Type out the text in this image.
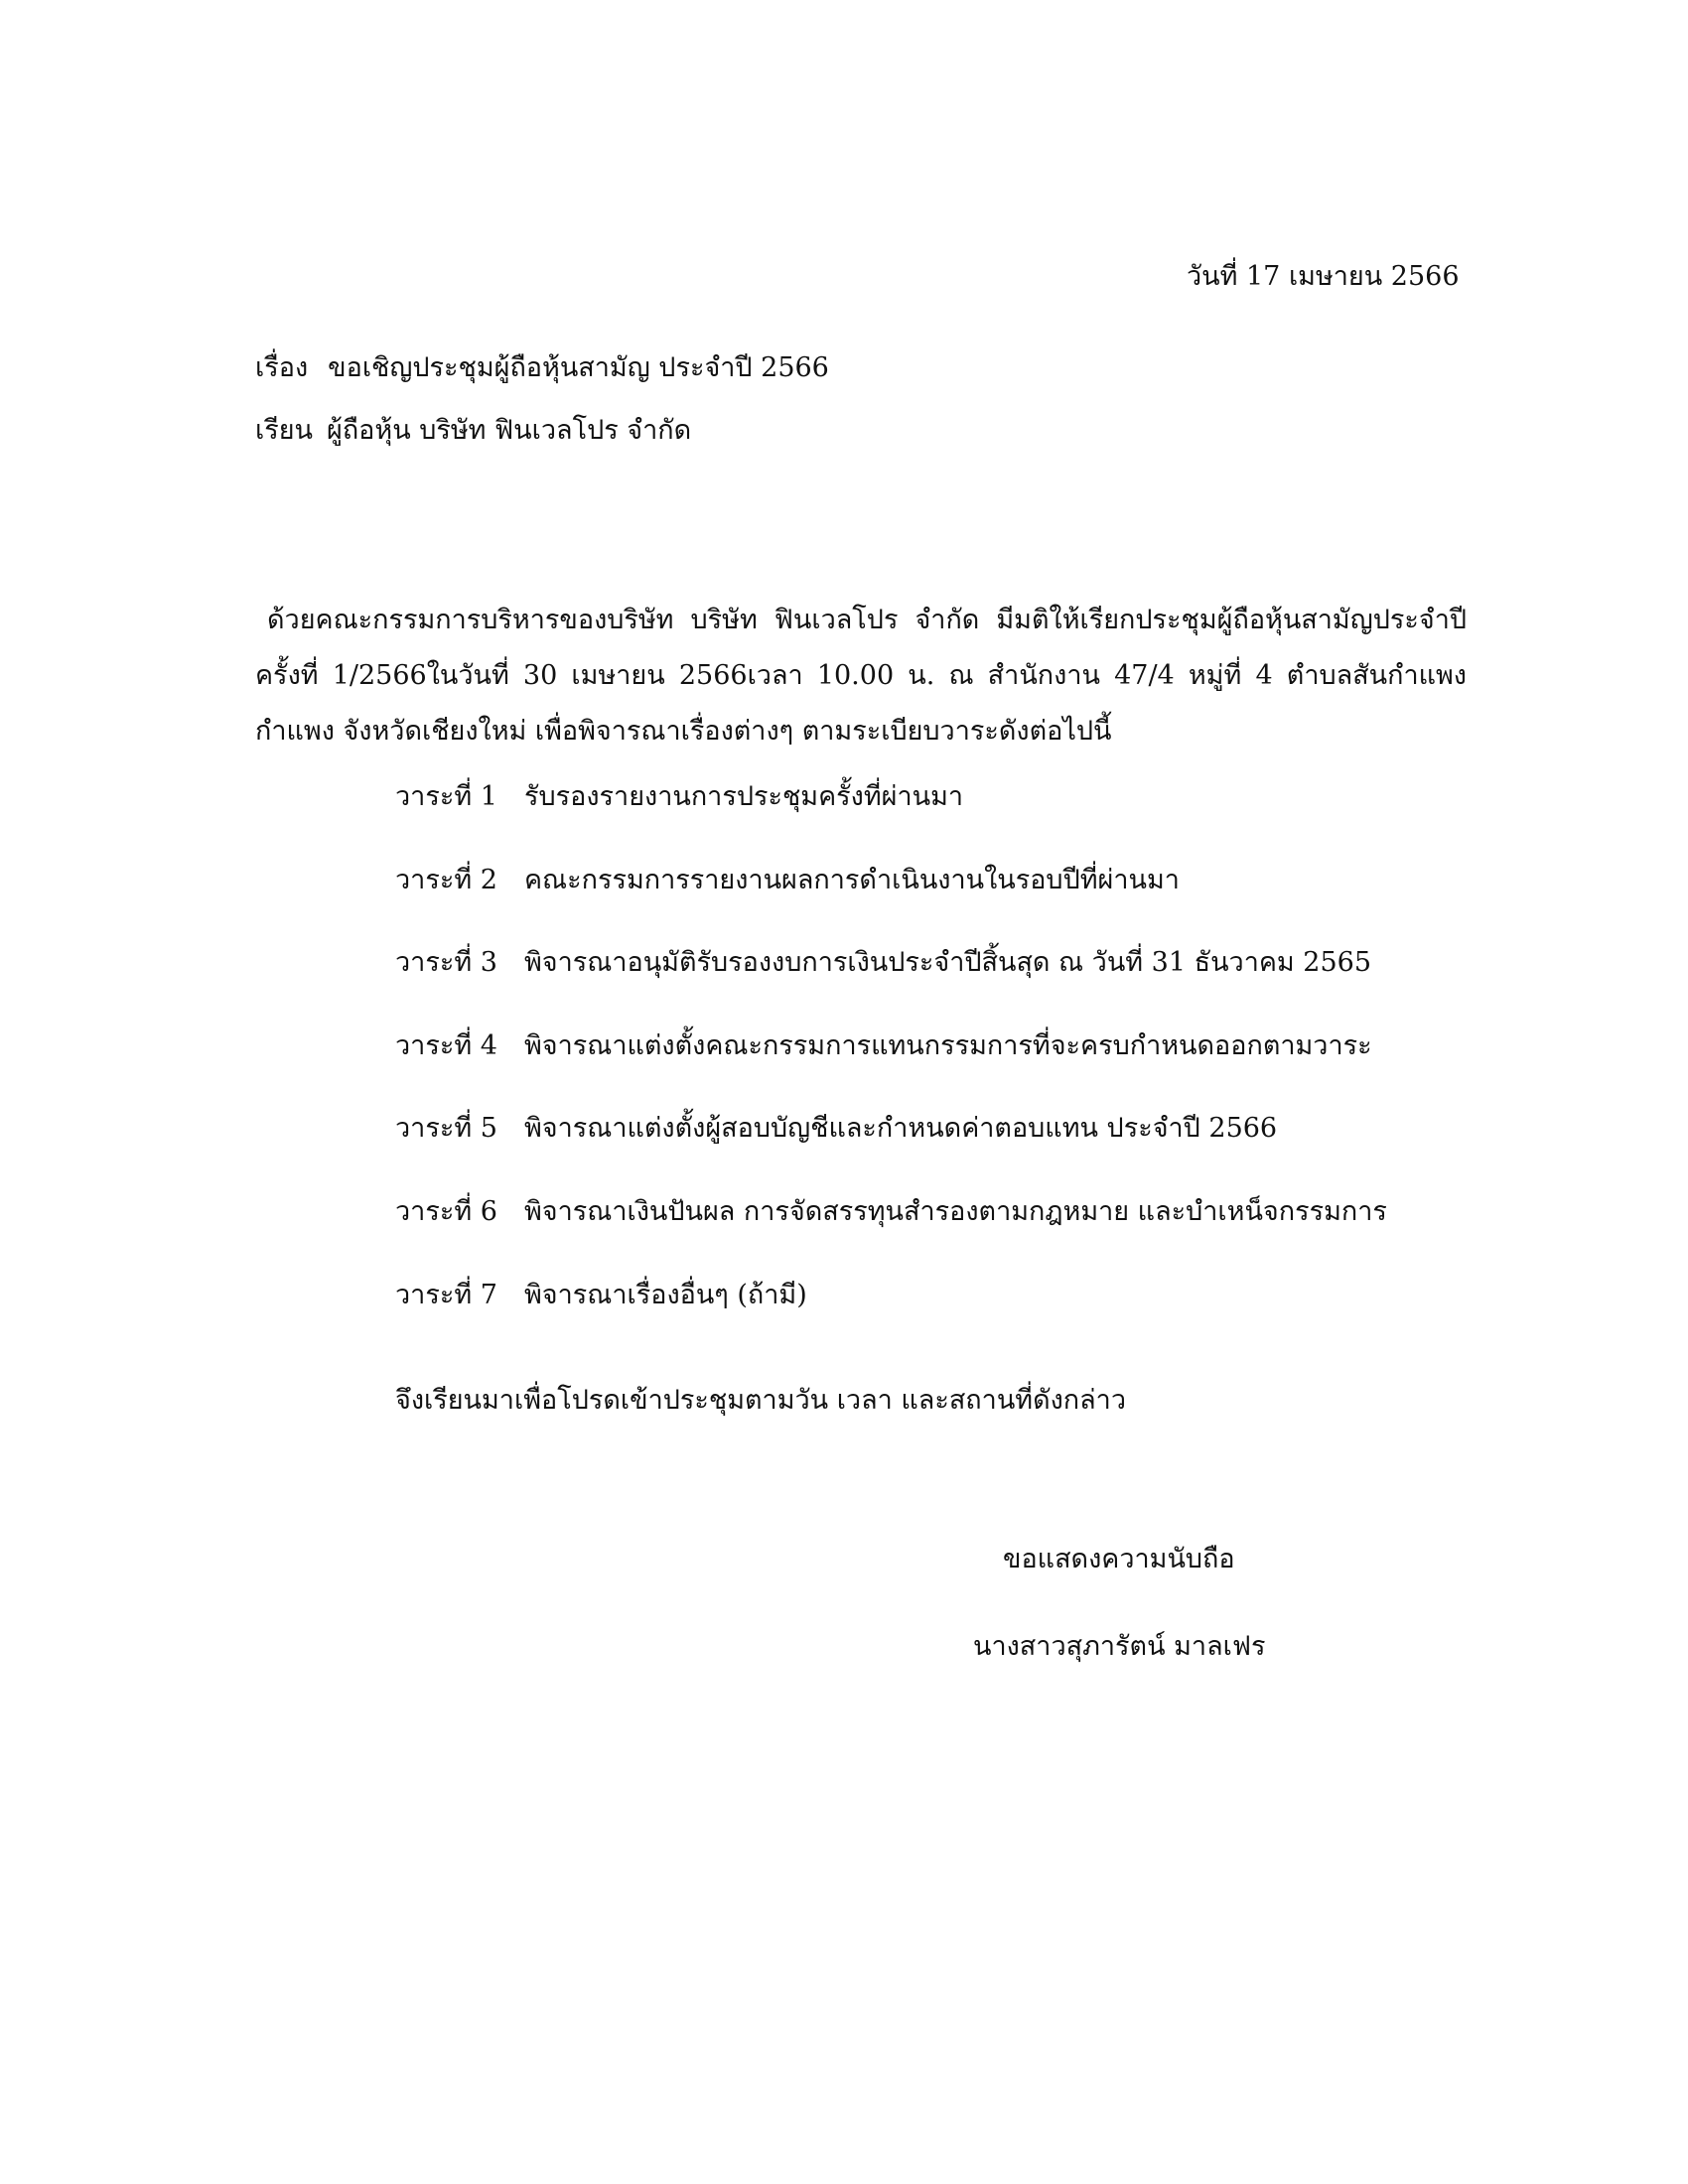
วันที่ 17 เมษายน 2566
เรื่อง ขอเชิญประชุมผู้ถือหุ้นสามัญ ประจำปี 2566
เรียน ผู้ถือหุ้น บริษัท ฟินเวลโปร จำกัด
ด้วยคณะกรรมการบริหารของบริษัท บริษัท ฟินเวลโปร จำกัด มีมติให้เรียกประชุมผู้ถือหุ้นสามัญประจำปี
ครั้งที่ 1/2566ในวันที่ 30 เมษายน 2566เวลา 10.00 น. ณ สำนักงาน 47/4 หมู่ที่ 4 ตำบลสันกำแพง
กำแพง จังหวัดเชียงใหม่ เพื่อพิจารณาเรื่องต่างๆ ตามระเบียบวาระดังต่อไปนี้
วาระที่ 1	รับรองรายงานการประชุมครั้งที่ผ่านมา
วาระที่ 2	คณะกรรมการรายงานผลการดำเนินงานในรอบปีที่ผ่านมา
วาระที่ 3	พิจารณาอนุมัติรับรองงบการเงินประจำปีสิ้นสุด ณ วันที่ 31 ธันวาคม 2565
วาระที่ 4	พิจารณาแต่งตั้งคณะกรรมการแทนกรรมการที่จะครบกำหนดออกตามวาระ
วาระที่ 5	พิจารณาแต่งตั้งผู้สอบบัญชีและกำหนดค่าตอบแทน ประจำปี 2566
วาระที่ 6	พิจารณาเงินปันผล การจัดสรรทุนสำรองตามกฎหมาย และบำเหน็จกรรมการ
วาระที่ 7	พิจารณาเรื่องอื่นๆ (ถ้ามี)
จึงเรียนมาเพื่อโปรดเข้าประชุมตามวัน เวลา และสถานที่ดังกล่าว
ขอแสดงความนับถือ
นางสาวสุภารัตน์ มาลเฟร
